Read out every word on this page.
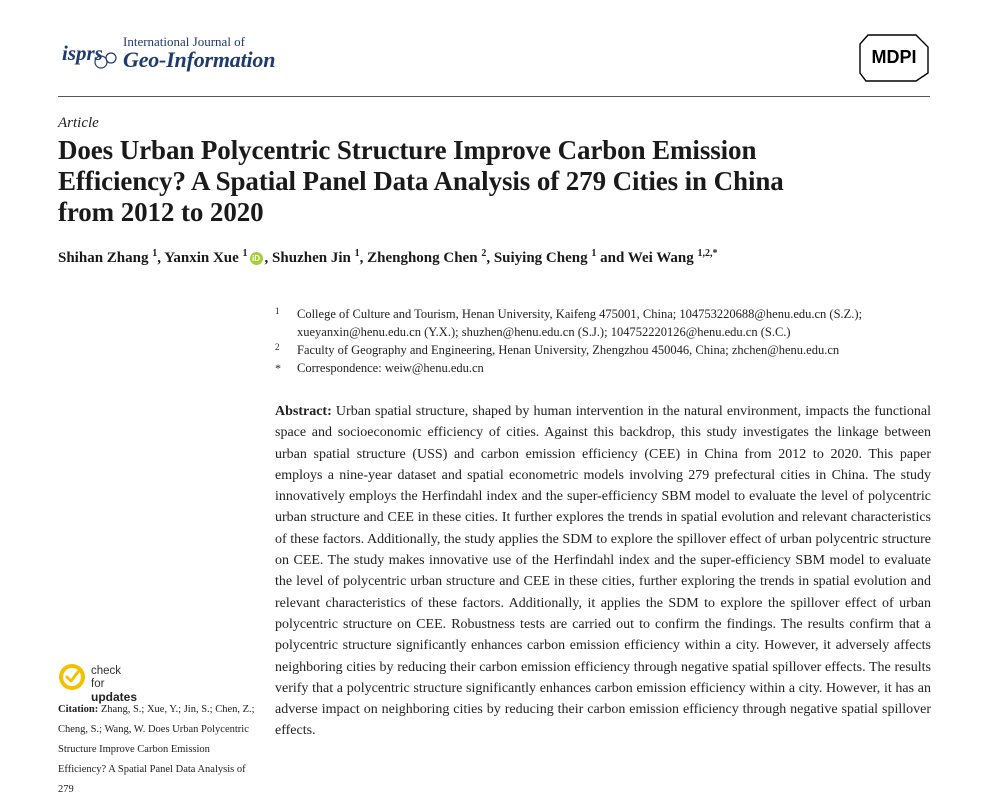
isprs International Journal of
Geo-Information	MDPI
Article
Does Urban Polycentric Structure Improve Carbon Emission
Efficiency? A Spatial Panel Data Analysis of 279 Cities in China
from 2012 to 2020
Shihan Zhang $^1$, Yanxin Xue $^1$ iD , Shuzhen Jin $^1$, Zhenghong Chen $^2$, Suiying Cheng $^1$ and Wei Wang $^{1,2,*}$
1 College of Culture and Tourism, Henan University, Kaifeng 475001, China; 104753220688@henu.edu.cn (S.Z.);
xueyanxin@henu.edu.cn (Y.X.); shuzhen@henu.edu.cn (S.J.); 104752220126@henu.edu.cn (S.C.)
2 Faculty of Geography and Engineering, Henan University, Zhengzhou 450046, China; zhchen@henu.edu.cn
* Correspondence: weiw@henu.edu.cn
Abstract: Urban spatial structure, shaped by human intervention in the natural environment, impacts the functional space and socioeconomic efficiency of cities. Against this backdrop, this study investigates the linkage between urban spatial structure (USS) and carbon emission efficiency (CEE) in China from 2012 to 2020. This paper employs a nine-year dataset and spatial econometric models involving 279 prefectural cities in China. The study innovatively employs the Herfindahl index and the super-efficiency SBM model to evaluate the level of polycentric urban structure and CEE in these cities. It further explores the trends in spatial evolution and relevant characteristics of these factors. Additionally, the study applies the SDM to explore the spillover effect of urban polycentric structure on CEE. The study makes innovative use of the Herfindahl index and the super-efficiency SBM model to evaluate the level of polycentric urban structure and CEE in these cities, further exploring the trends in spatial evolution and relevant characteristics of these factors. Additionally, it applies the SDM to explore the spillover effect of urban polycentric structure on CEE. Robustness tests are carried out to confirm the findings. The results confirm that a polycentric structure significantly enhances carbon emission efficiency within a city. However, it adversely affects neighboring cities by reducing their carbon emission efficiency through negative spatial spillover effects. The results verify that a polycentric structure significantly enhances carbon emission efficiency within a city. However, it has an adverse impact on neighboring cities by reducing their carbon emission efficiency through negative spatial spillover effects.
check for
updates
Citation: Zhang, S.; Xue, Y.; Jin, S.; Chen, Z.; Cheng, S.; Wang, W. Does Urban Polycentric Structure Improve Carbon Emission Efficiency? A Spatial Panel Data Analysis of 279
